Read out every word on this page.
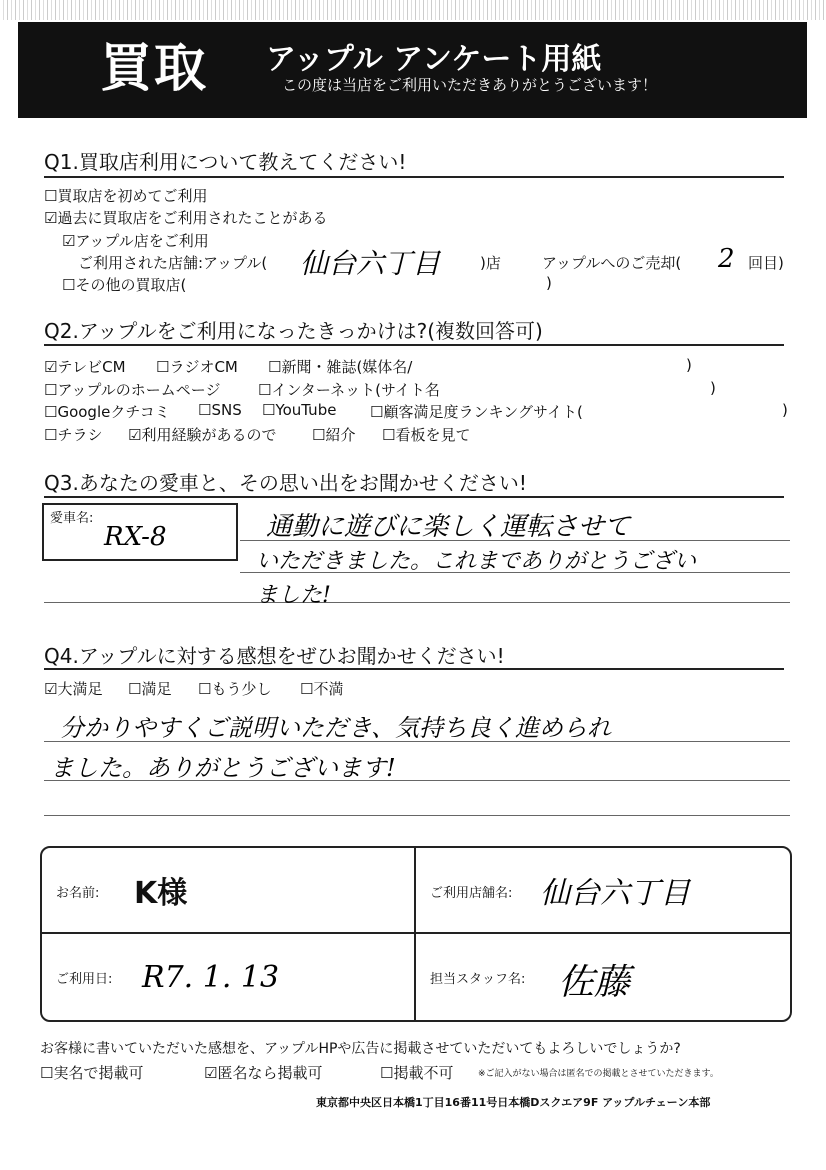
買取 アップル アンケート用紙
この度は当店をご利用いただきありがとうございます！
Q1.買取店利用について教えてください!
☐買取店を初めてご利用
☑過去に買取店をご利用されたことがある
☑アップル店をご利用
ご利用された店舗:アップル( 仙台六丁目	)店	アップルへのご売却( 2 回目)
☐その他の買取店(	)
Q2.アップルをご利用になったきっかけは?(複数回答可)
☑テレビCM ☐ラジオCM ☐新聞・雑誌(媒体名/	)
☐アップルのホームページ	☐インターネット(サイト名	)
☐Googleクチコミ ☐SNS ☐YouTube ☐顧客満足度ランキングサイト(	)
☐チラシ ☑利用経験があるので ☐紹介 ☐看板を見て
Q3.あなたの愛車と、その思い出をお聞かせください!
愛車名:
RX-8	通勤に遊びに楽しく運転させて
いただきました。これまでありがとうござい
ました!
Q4.アップルに対する感想をぜひお聞かせください!
☑大満足 ☐満足 ☐もう少し ☐不満
分かりやすくご説明いただき、気持ち良く進められ
ました。ありがとうございます!
お名前: K様	ご利用店舗名: 仙台六丁目
ご利用日: R7. 1. 13	担当スタッフ名: 佐藤
お客様に書いていただいた感想を、アップルHPや広告に掲載させていただいてもよろしいでしょうか?
☐実名で掲載可	☑匿名なら掲載可	☐掲載不可	※ご記入がない場合は匿名での掲載とさせていただきます。
東京都中央区日本橋1丁目16番11号日本橋Dスクエア9F アップルチェーン本部
